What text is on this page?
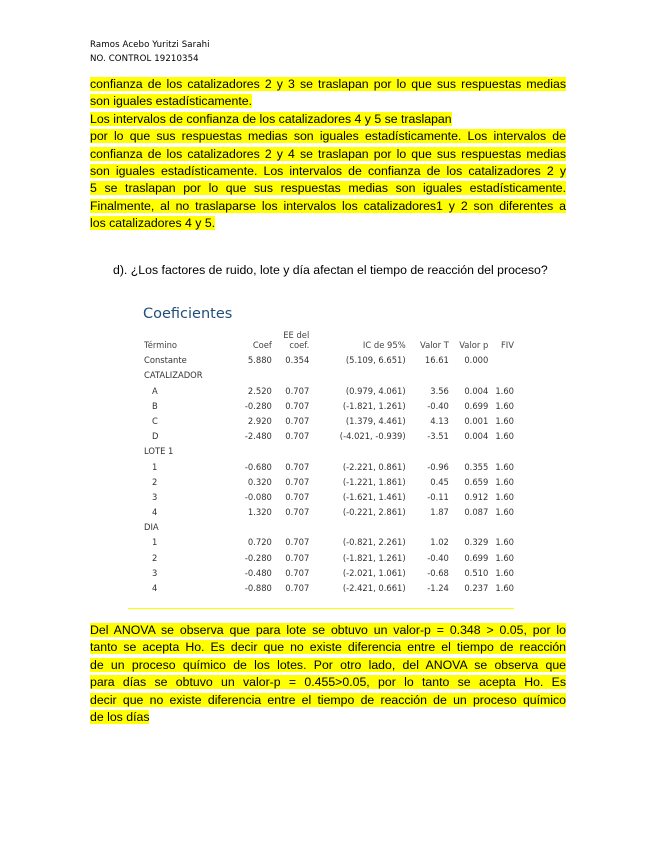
Ramos Acebo Yuritzi Sarahi
NO. CONTROL 19210354
confianza de los catalizadores 2 y 3 se traslapan por lo que sus respuestas medias
son iguales estadísticamente.
Los intervalos de confianza de los catalizadores 4 y 5 se traslapan
por lo que sus respuestas medias son iguales estadísticamente. Los intervalos de
confianza de los catalizadores 2 y 4 se traslapan por lo que sus respuestas medias
son iguales estadísticamente. Los intervalos de confianza de los catalizadores 2 y
5 se traslapan por lo que sus respuestas medias son iguales estadísticamente.
Finalmente, al no traslaparse los intervalos los catalizadores1 y 2 son diferentes a
los catalizadores 4 y 5.
d). ¿Los factores de ruido, lote y día afectan el tiempo de reacción del proceso?
Coeficientes
Término	Coef	EE del
coef.	IC de 95%	Valor T	Valor p	FIV
Constante	5.880	0.354	(5.109, 6.651)	16.61	0.000	
CATALIZADOR						
A	2.520	0.707	(0.979, 4.061)	3.56	0.004	1.60
B	-0.280	0.707	(-1.821, 1.261)	-0.40	0.699	1.60
C	2.920	0.707	(1.379, 4.461)	4.13	0.001	1.60
D	-2.480	0.707	(-4.021, -0.939)	-3.51	0.004	1.60
LOTE 1						
1	-0.680	0.707	(-2.221, 0.861)	-0.96	0.355	1.60
2	0.320	0.707	(-1.221, 1.861)	0.45	0.659	1.60
3	-0.080	0.707	(-1.621, 1.461)	-0.11	0.912	1.60
4	1.320	0.707	(-0.221, 2.861)	1.87	0.087	1.60
DIA						
1	0.720	0.707	(-0.821, 2.261)	1.02	0.329	1.60
2	-0.280	0.707	(-1.821, 1.261)	-0.40	0.699	1.60
3	-0.480	0.707	(-2.021, 1.061)	-0.68	0.510	1.60
4	-0.880	0.707	(-2.421, 0.661)	-1.24	0.237	1.60
Del ANOVA se observa que para lote se obtuvo un valor-p = 0.348 > 0.05, por lo
tanto se acepta Ho. Es decir que no existe diferencia entre el tiempo de reacción
de un proceso químico de los lotes. Por otro lado, del ANOVA se observa que
para días se obtuvo un valor-p = 0.455>0.05, por lo tanto se acepta Ho. Es
decir que no existe diferencia entre el tiempo de reacción de un proceso químico
de los días
